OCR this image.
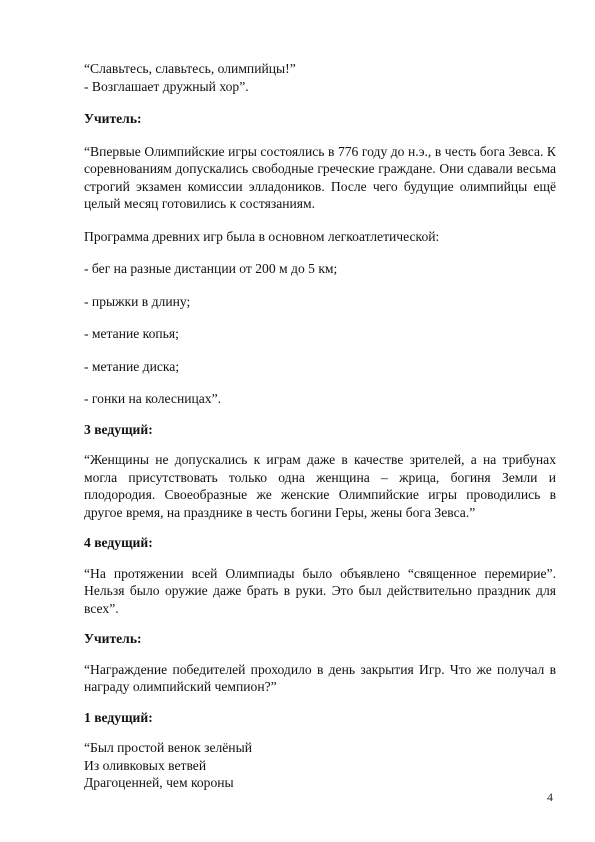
“Славьтесь, славьтесь, олимпийцы!”

- Возглашает дружный хор”.

Учитель:

“Впервые Олимпийские игры состоялись в 776 году до н.э., в честь бога Зевса. К соревнованиям допускались свободные греческие граждане. Они сдавали весьма строгий экзамен комиссии элладоников. После чего будущие олимпийцы ещё целый месяц готовились к состязаниям.

Программа древних игр была в основном легкоатлетической:

- бег на разные дистанции от 200 м до 5 км;

- прыжки в длину;

- метание копья;

- метание диска;

- гонки на колесницах”.

3 ведущий:

“Женщины не допускались к играм даже в качестве зрителей, а на трибунах могла присутствовать только одна женщина – жрица, богиня Земли и плодородия. Своеобразные же женские Олимпийские игры проводились в другое время, на празднике в честь богини Геры, жены бога Зевса.”

4 ведущий:

“На протяжении всей Олимпиады было объявлено “священное перемирие”. Нельзя было оружие даже брать в руки. Это был действительно праздник для всех”.

Учитель:

“Награждение победителей проходило в день закрытия Игр. Что же получал в награду олимпийский чемпион?”

1 ведущий:

“Был простой венок зелёный

Из оливковых ветвей

Драгоценней, чем короны

4
